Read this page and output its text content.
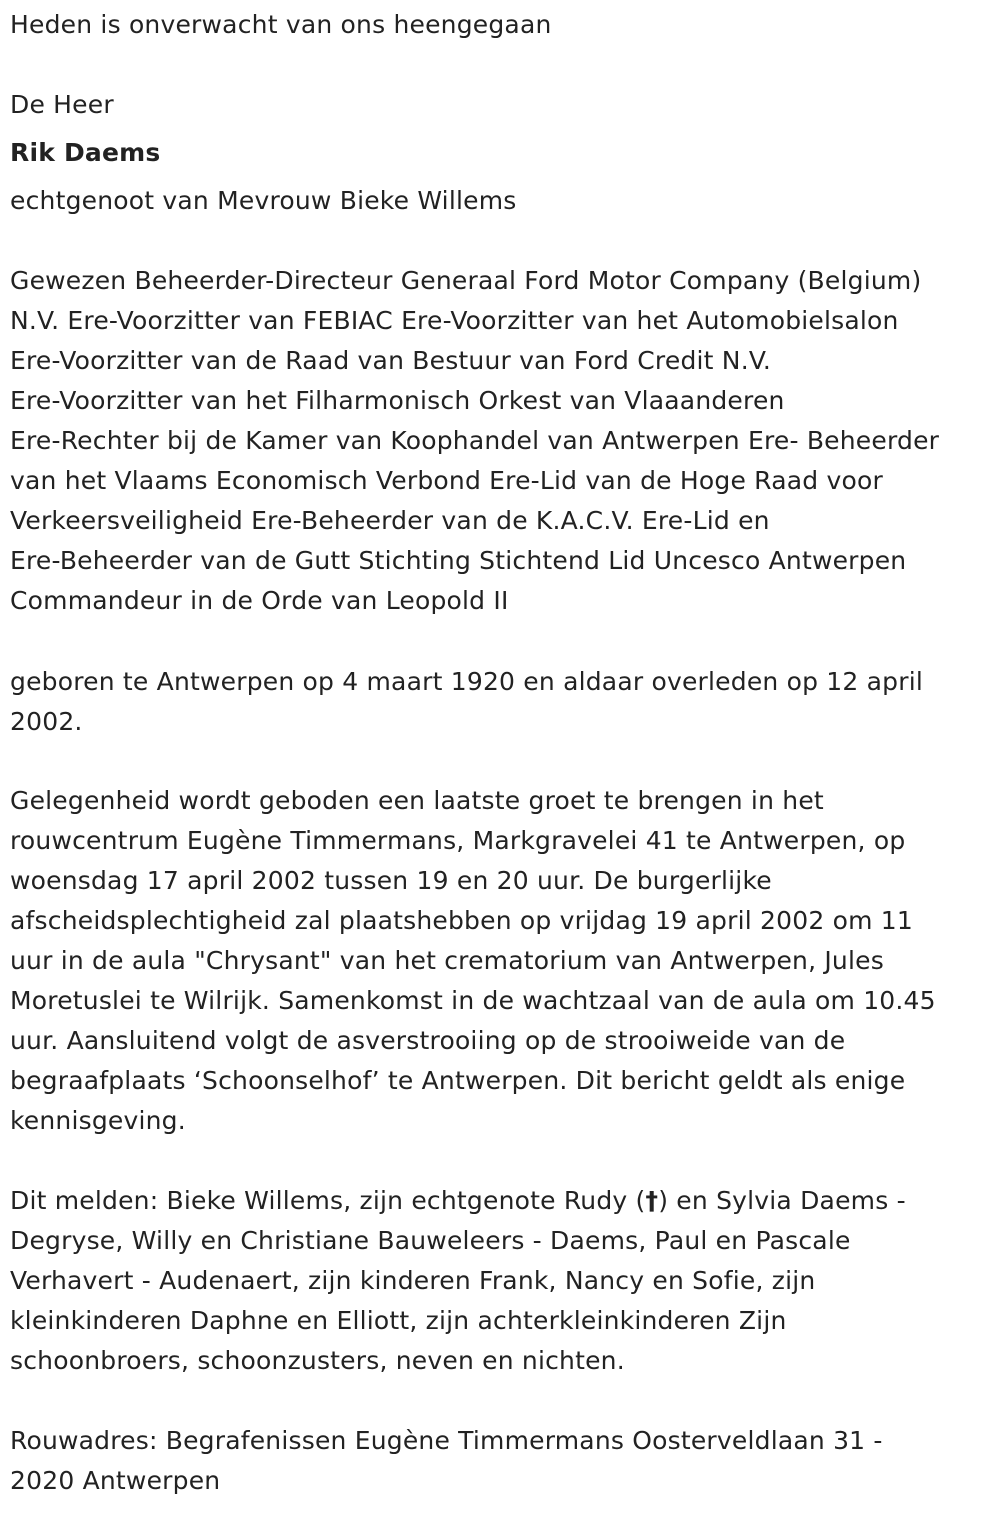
Heden is onverwacht van ons heengegaan
De Heer
Rik Daems
echtgenoot van Mevrouw Bieke Willems
Gewezen Beheerder-Directeur Generaal Ford Motor Company (Belgium)
N.V. Ere-Voorzitter van FEBIAC Ere-Voorzitter van het Automobielsalon
Ere-Voorzitter van de Raad van Bestuur van Ford Credit N.V.
Ere-Voorzitter van het Filharmonisch Orkest van Vlaaanderen
Ere-Rechter bij de Kamer van Koophandel van Antwerpen Ere- Beheerder
van het Vlaams Economisch Verbond Ere-Lid van de Hoge Raad voor
Verkeersveiligheid Ere-Beheerder van de K.A.C.V. Ere-Lid en
Ere-Beheerder van de Gutt Stichting Stichtend Lid Uncesco Antwerpen
Commandeur in de Orde van Leopold II
geboren te Antwerpen op 4 maart 1920 en aldaar overleden op 12 april
2002.
Gelegenheid wordt geboden een laatste groet te brengen in het
rouwcentrum Eugène Timmermans, Markgravelei 41 te Antwerpen, op
woensdag 17 april 2002 tussen 19 en 20 uur. De burgerlijke
afscheidsplechtigheid zal plaatshebben op vrijdag 19 april 2002 om 11
uur in de aula "Chrysant" van het crematorium van Antwerpen, Jules
Moretuslei te Wilrijk. Samenkomst in de wachtzaal van de aula om 10.45
uur. Aansluitend volgt de asverstrooiing op de strooiweide van de
begraafplaats ‘Schoonselhof’ te Antwerpen. Dit bericht geldt als enige
kennisgeving.
Dit melden: Bieke Willems, zijn echtgenote Rudy (†) en Sylvia Daems -
Degryse, Willy en Christiane Bauweleers - Daems, Paul en Pascale
Verhavert - Audenaert, zijn kinderen Frank, Nancy en Sofie, zijn
kleinkinderen Daphne en Elliott, zijn achterkleinkinderen Zijn
schoonbroers, schoonzusters, neven en nichten.
Rouwadres: Begrafenissen Eugène Timmermans Oosterveldlaan 31 -
2020 Antwerpen
